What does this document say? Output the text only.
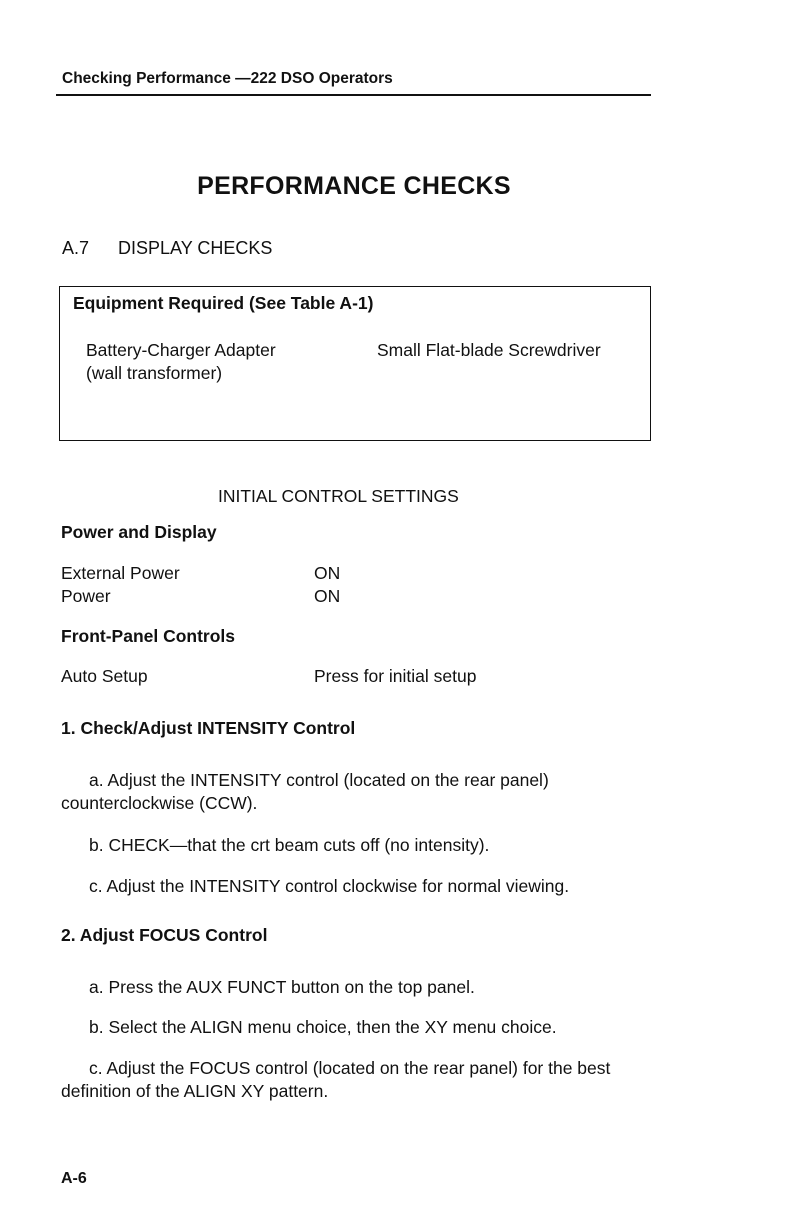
Checking Performance —222 DSO Operators
PERFORMANCE CHECKS
A.7 DISPLAY CHECKS
Equipment Required (See Table A-1)
Battery-Charger Adapter
(wall transformer)
Small Flat-blade Screwdriver
INITIAL CONTROL SETTINGS
Power and Display
External Power	ON
Power	ON
Front-Panel Controls
Auto Setup	Press for initial setup
1. Check/Adjust INTENSITY Control
a. Adjust the INTENSITY control (located on the rear panel) counterclockwise (CCW).
b. CHECK—that the crt beam cuts off (no intensity).
c. Adjust the INTENSITY control clockwise for normal viewing.
2. Adjust FOCUS Control
a. Press the AUX FUNCT button on the top panel.
b. Select the ALIGN menu choice, then the XY menu choice.
c. Adjust the FOCUS control (located on the rear panel) for the best definition of the ALIGN XY pattern.
A-6
